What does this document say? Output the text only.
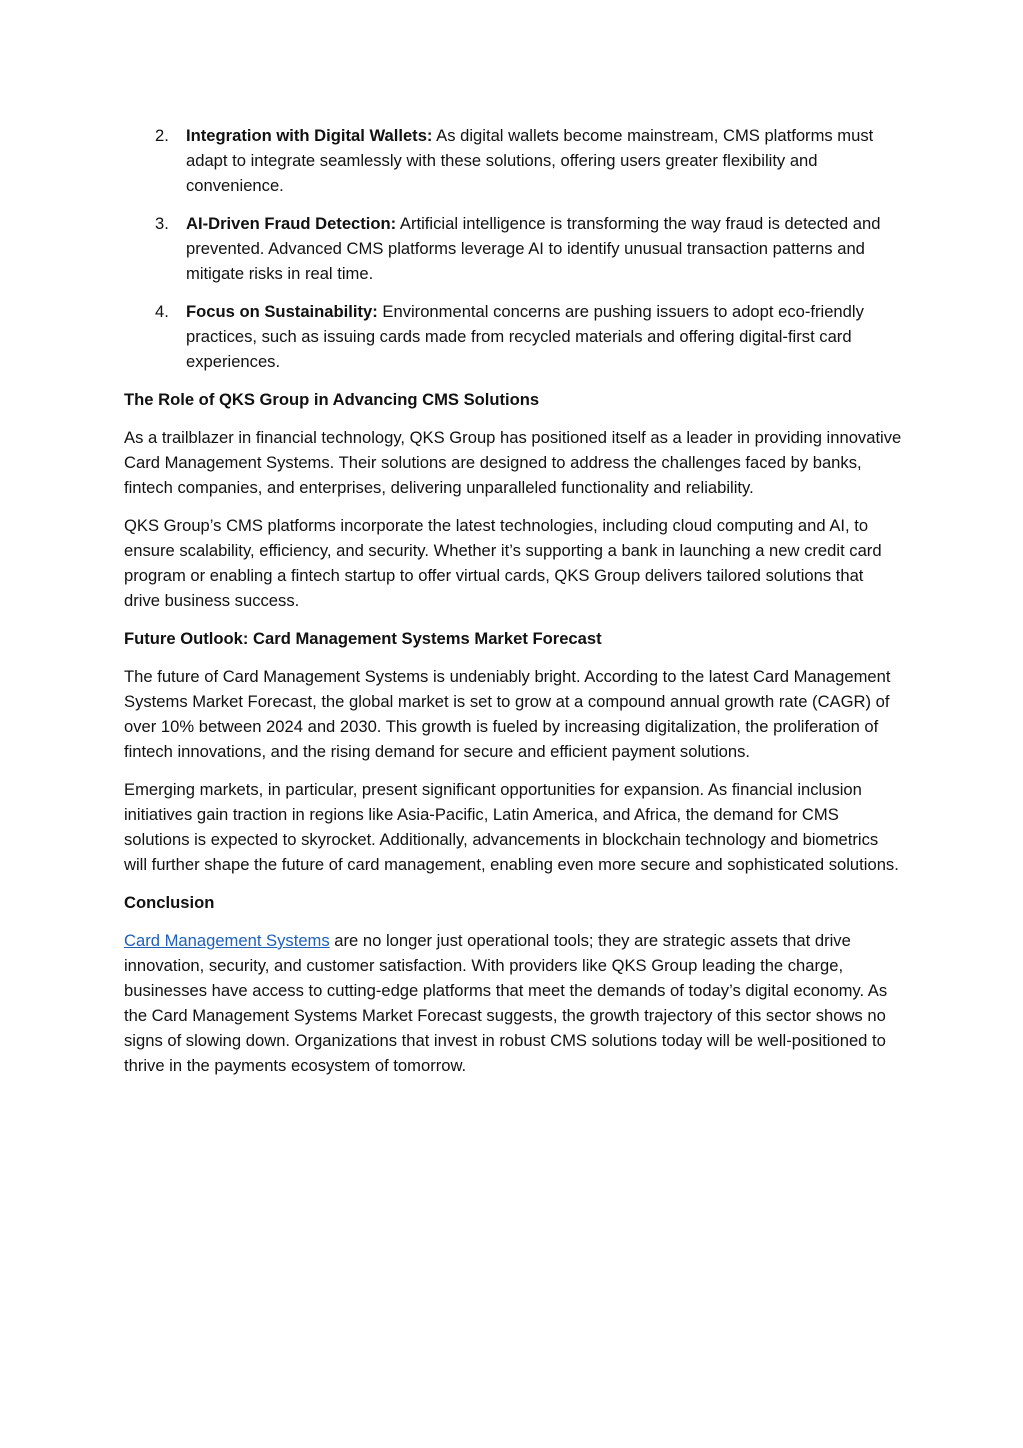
2. Integration with Digital Wallets: As digital wallets become mainstream, CMS platforms must adapt to integrate seamlessly with these solutions, offering users greater flexibility and convenience.
3. AI-Driven Fraud Detection: Artificial intelligence is transforming the way fraud is detected and prevented. Advanced CMS platforms leverage AI to identify unusual transaction patterns and mitigate risks in real time.
4. Focus on Sustainability: Environmental concerns are pushing issuers to adopt eco-friendly practices, such as issuing cards made from recycled materials and offering digital-first card experiences.
The Role of QKS Group in Advancing CMS Solutions

As a trailblazer in financial technology, QKS Group has positioned itself as a leader in providing innovative Card Management Systems. Their solutions are designed to address the challenges faced by banks, fintech companies, and enterprises, delivering unparalleled functionality and reliability.

QKS Group’s CMS platforms incorporate the latest technologies, including cloud computing and AI, to ensure scalability, efficiency, and security. Whether it’s supporting a bank in launching a new credit card program or enabling a fintech startup to offer virtual cards, QKS Group delivers tailored solutions that drive business success.

Future Outlook: Card Management Systems Market Forecast

The future of Card Management Systems is undeniably bright. According to the latest Card Management Systems Market Forecast, the global market is set to grow at a compound annual growth rate (CAGR) of over 10% between 2024 and 2030. This growth is fueled by increasing digitalization, the proliferation of fintech innovations, and the rising demand for secure and efficient payment solutions.

Emerging markets, in particular, present significant opportunities for expansion. As financial inclusion initiatives gain traction in regions like Asia-Pacific, Latin America, and Africa, the demand for CMS solutions is expected to skyrocket. Additionally, advancements in blockchain technology and biometrics will further shape the future of card management, enabling even more secure and sophisticated solutions.

Conclusion

Card Management Systems are no longer just operational tools; they are strategic assets that drive innovation, security, and customer satisfaction. With providers like QKS Group leading the charge, businesses have access to cutting-edge platforms that meet the demands of today’s digital economy. As the Card Management Systems Market Forecast suggests, the growth trajectory of this sector shows no signs of slowing down. Organizations that invest in robust CMS solutions today will be well-positioned to thrive in the payments ecosystem of tomorrow.
